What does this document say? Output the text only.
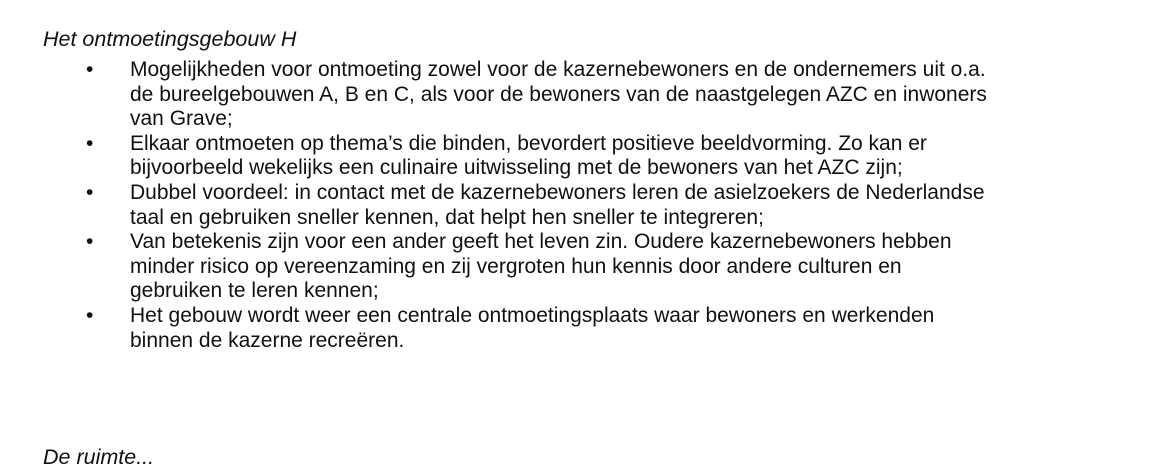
Het ontmoetingsgebouw H
• Mogelijkheden voor ontmoeting zowel voor de kazernebewoners en de ondernemers uit o.a.
de bureelgebouwen A, B en C, als voor de bewoners van de naastgelegen AZC en inwoners
van Grave;
• Elkaar ontmoeten op thema’s die binden, bevordert positieve beeldvorming. Zo kan er
bijvoorbeeld wekelijks een culinaire uitwisseling met de bewoners van het AZC zijn;
• Dubbel voordeel: in contact met de kazernebewoners leren de asielzoekers de Nederlandse
taal en gebruiken sneller kennen, dat helpt hen sneller te integreren;
• Van betekenis zijn voor een ander geeft het leven zin. Oudere kazernebewoners hebben
minder risico op vereenzaming en zij vergroten hun kennis door andere culturen en
gebruiken te leren kennen;
• Het gebouw wordt weer een centrale ontmoetingsplaats waar bewoners en werkenden
binnen de kazerne recreëren.
De ruimte...
